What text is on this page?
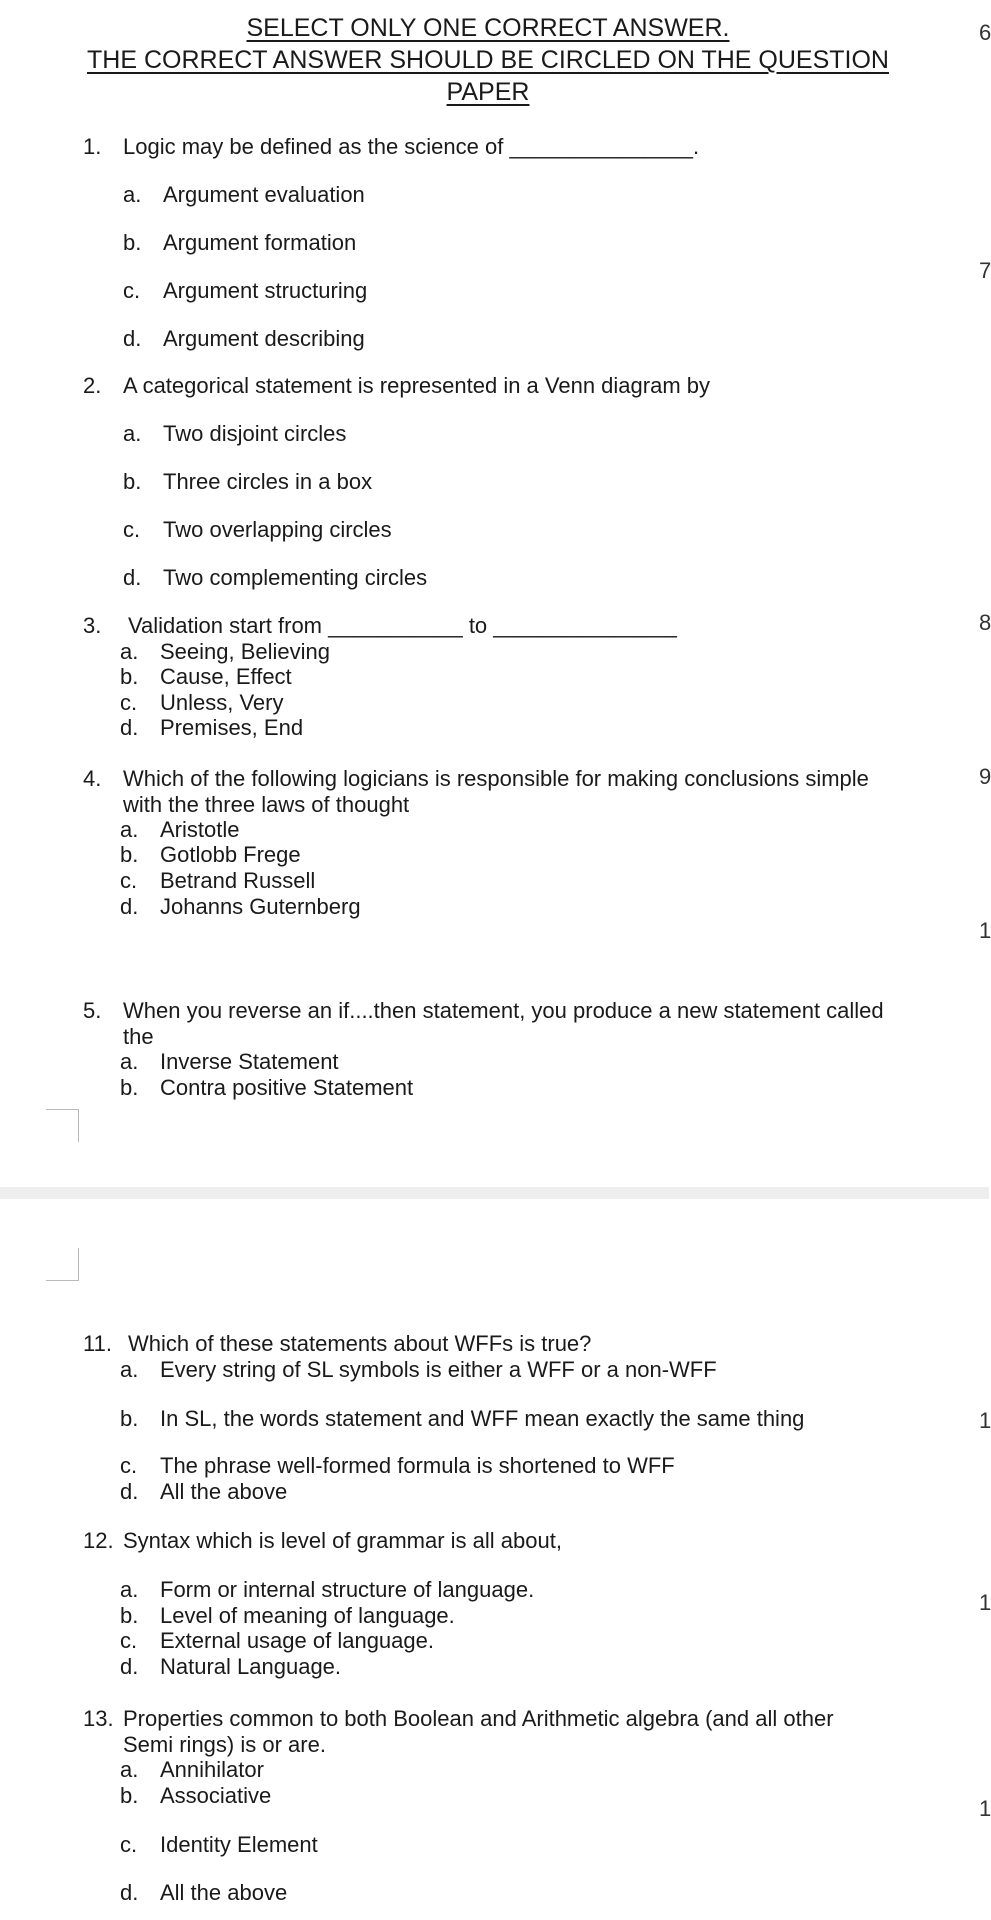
SELECT ONLY ONE CORRECT ANSWER.
THE CORRECT ANSWER SHOULD BE CIRCLED ON THE QUESTION
PAPER
6
7
8
9
1
1
1
1
1. Logic may be defined as the science of _______________.
a. Argument evaluation
b. Argument formation
c. Argument structuring
d. Argument describing
2. A categorical statement is represented in a Venn diagram by
a. Two disjoint circles
b. Three circles in a box
c. Two overlapping circles
d. Two complementing circles
3. Validation start from ___________ to _______________
a. Seeing, Believing
b. Cause, Effect
c. Unless, Very
d. Premises, End
4. Which of the following logicians is responsible for making conclusions simple
with the three laws of thought
a. Aristotle
b. Gotlobb Frege
c. Betrand Russell
d. Johanns Guternberg
5. When you reverse an if....then statement, you produce a new statement called
the
a. Inverse Statement
b. Contra positive Statement
11. Which of these statements about WFFs is true?
a. Every string of SL symbols is either a WFF or a non-WFF
b. In SL, the words statement and WFF mean exactly the same thing
c. The phrase well-formed formula is shortened to WFF
d. All the above
12. Syntax which is level of grammar is all about,
a. Form or internal structure of language.
b. Level of meaning of language.
c. External usage of language.
d. Natural Language.
13. Properties common to both Boolean and Arithmetic algebra (and all other
Semi rings) is or are.
a. Annihilator
b. Associative
c. Identity Element
d. All the above
